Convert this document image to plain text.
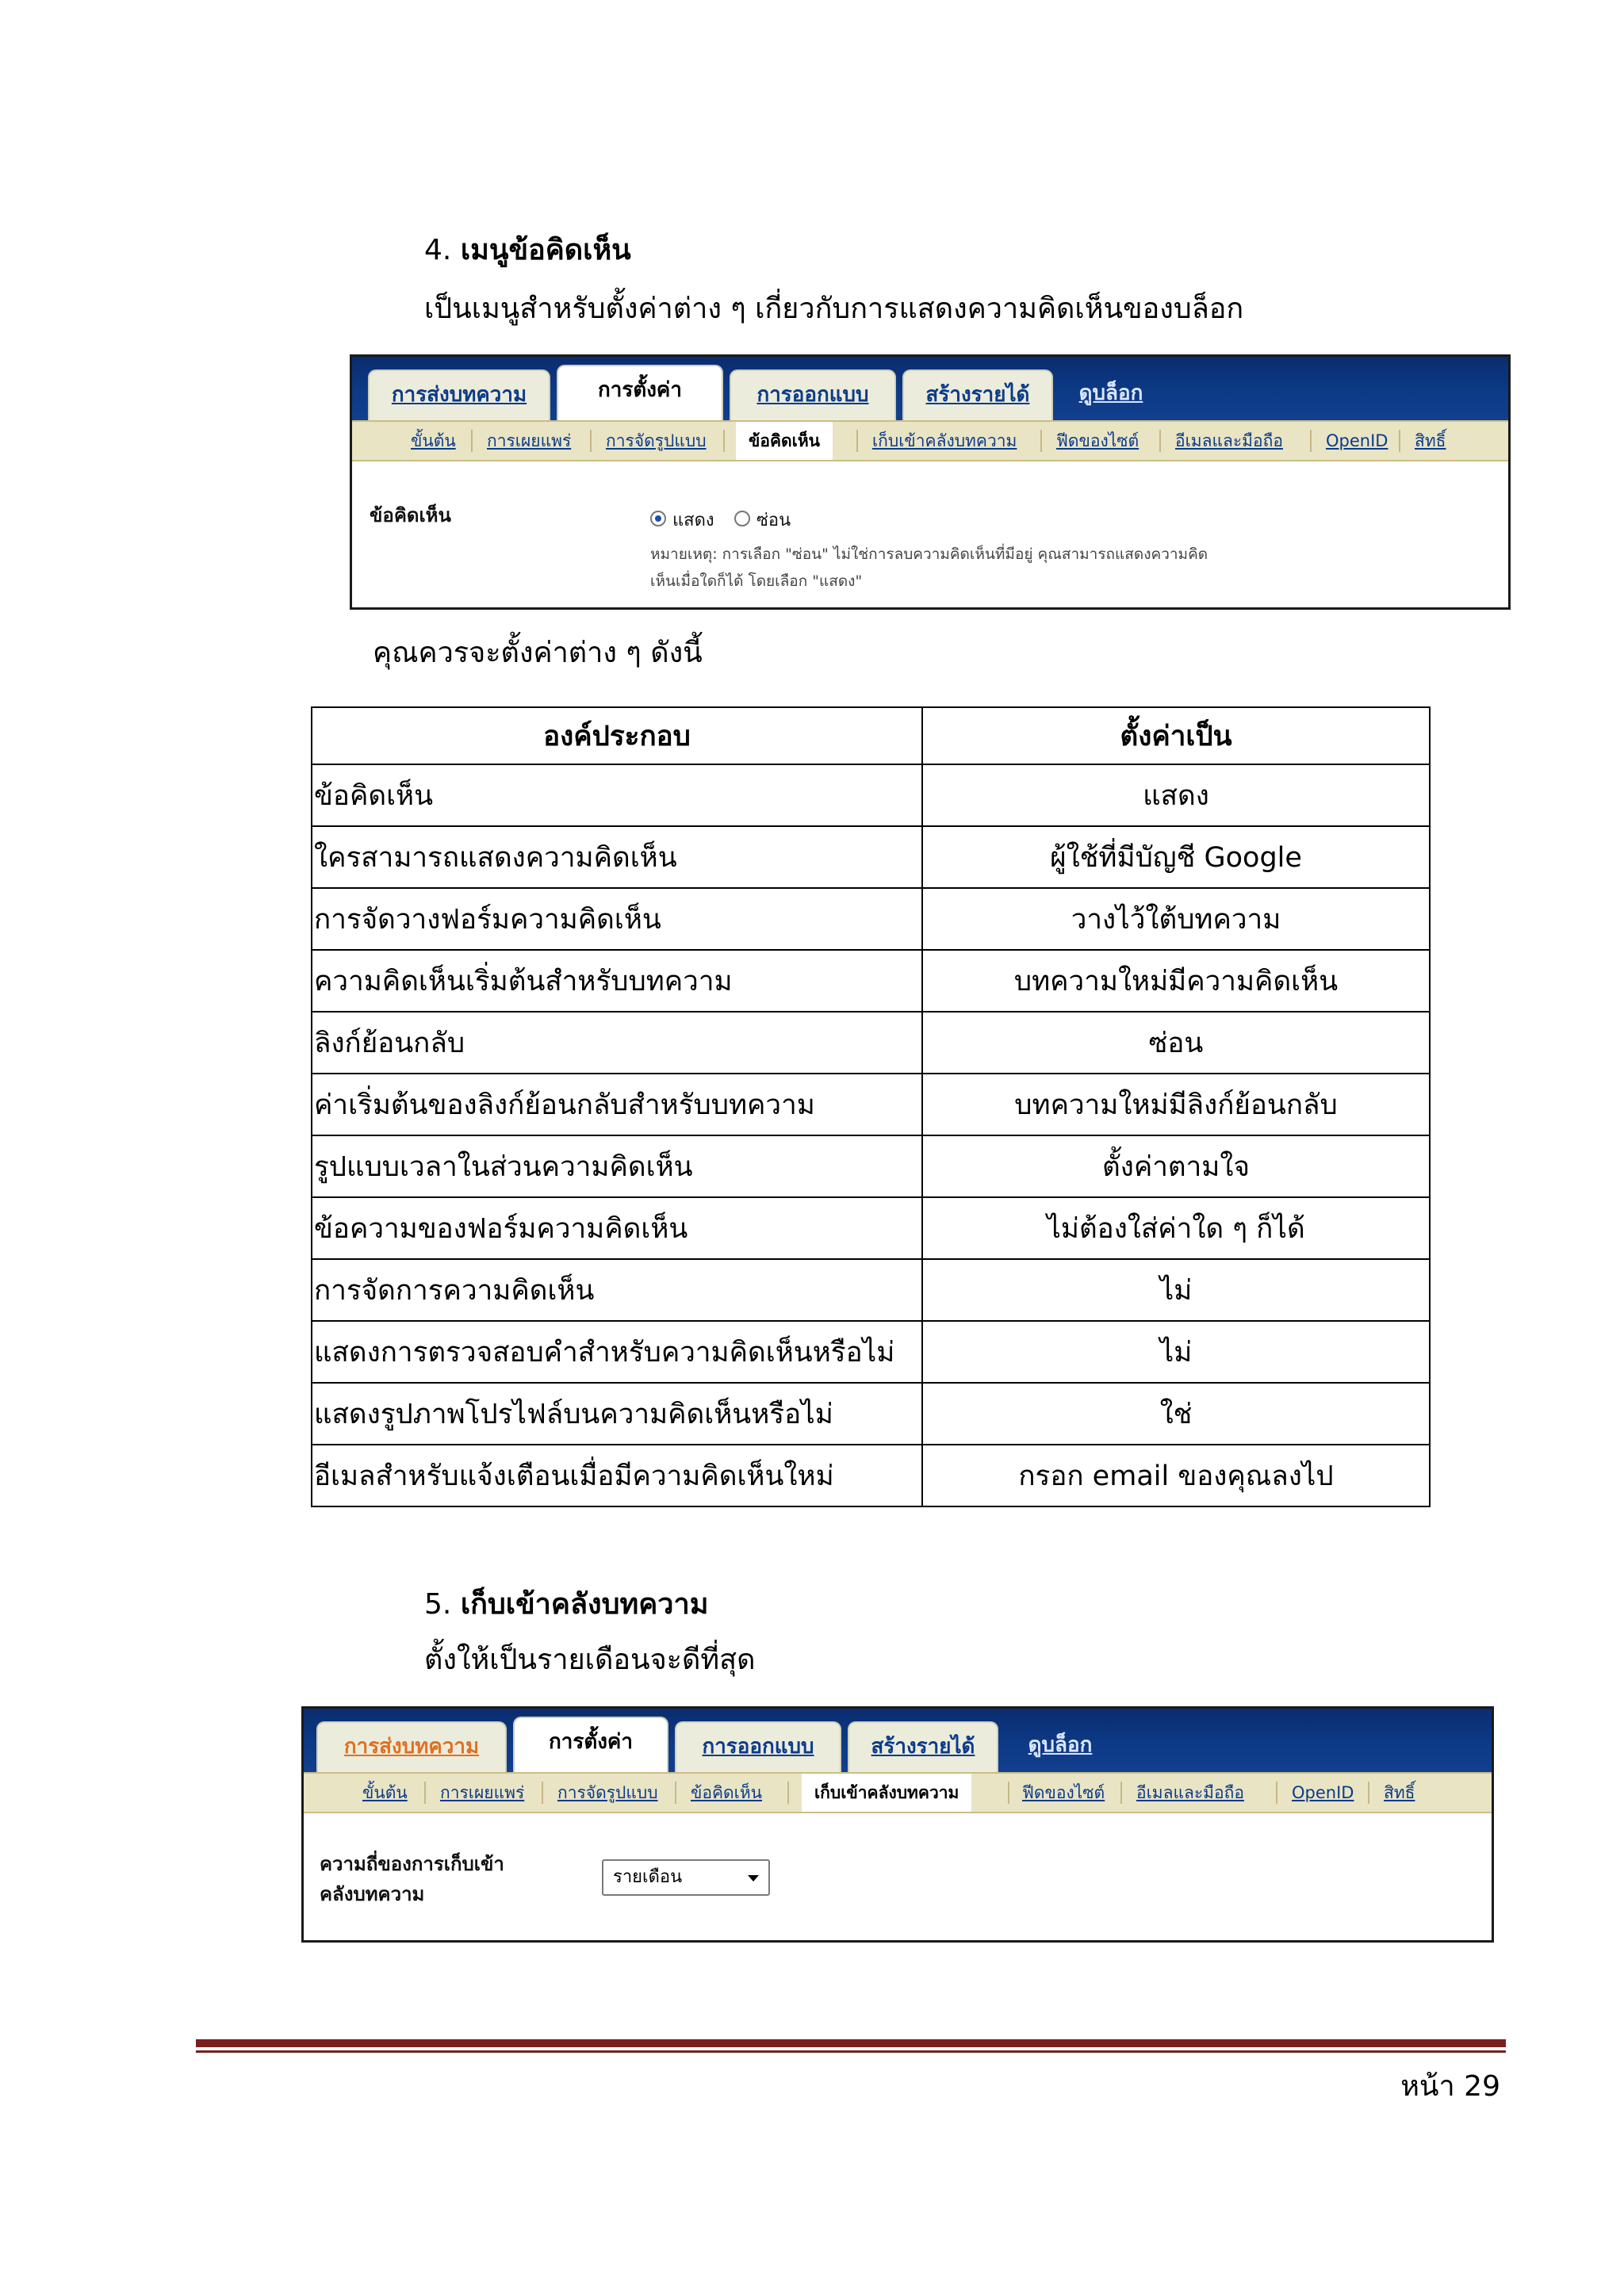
4. เมนูข้อคิดเห็น
เป็นเมนูสำหรับตั้งค่าต่าง ๆ เกี่ยวกับการแสดงความคิดเห็นของบล็อก
การส่งบทความ	การตั้งค่า	การออกแบบ	สร้างรายได้	ดูบล็อก
ขั้นต้น การเผยแพร่ การจัดรูปแบบ	ข้อคิดเห็น	เก็บเข้าคลังบทความ ฟีดของไซต์ อีเมลและมือถือ	OpenID สิทธิ์
ข้อคิดเห็น	แสดง ซ่อน
หมายเหตุ: การเลือก "ซ่อน" ไม่ใช่การลบความคิดเห็นที่มีอยู่ คุณสามารถแสดงความคิด
เห็นเมื่อใดก็ได้ โดยเลือก "แสดง"
คุณควรจะตั้งค่าต่าง ๆ ดังนี้
องค์ประกอบ	ตั้งค่าเป็น
ข้อคิดเห็น	แสดง
ใครสามารถแสดงความคิดเห็น	ผู้ใช้ที่มีบัญชี Google
การจัดวางฟอร์มความคิดเห็น	วางไว้ใต้บทความ
ความคิดเห็นเริ่มต้นสำหรับบทความ	บทความใหม่มีความคิดเห็น
ลิงก์ย้อนกลับ	ซ่อน
ค่าเริ่มต้นของลิงก์ย้อนกลับสำหรับบทความ	บทความใหม่มีลิงก์ย้อนกลับ
รูปแบบเวลาในส่วนความคิดเห็น	ตั้งค่าตามใจ
ข้อความของฟอร์มความคิดเห็น	ไม่ต้องใส่ค่าใด ๆ ก็ได้
การจัดการความคิดเห็น	ไม่
แสดงการตรวจสอบคำสำหรับความคิดเห็นหรือไม่	ไม่
แสดงรูปภาพโปรไฟล์บนความคิดเห็นหรือไม่	ใช่
อีเมลสำหรับแจ้งเตือนเมื่อมีความคิดเห็นใหม่	กรอก email ของคุณลงไป
5. เก็บเข้าคลังบทความ
ตั้งให้เป็นรายเดือนจะดีที่สุด
การส่งบทความ	การตั้งค่า	การออกแบบ	สร้างรายได้	ดูบล็อก
ขั้นต้น การเผยแพร่ การจัดรูปแบบ ข้อคิดเห็น	เก็บเข้าคลังบทความ	ฟีดของไซต์ อีเมลและมือถือ	OpenID สิทธิ์
ความถี่ของการเก็บเข้า
คลังบทความ
รายเดือน
หน้า 29
